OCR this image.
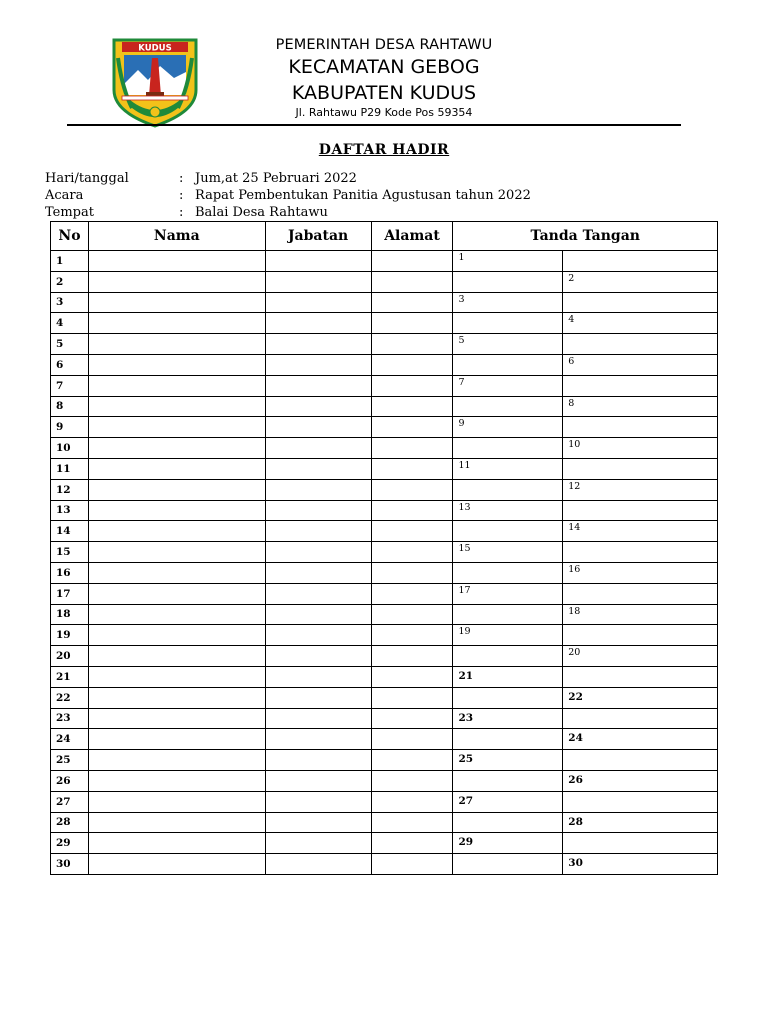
KUDUS	PEMERINTAH DESA RAHTAWU
KECAMATAN GEBOG
KABUPATEN KUDUS
Jl. Rahtawu P29 Kode Pos 59354
DAFTAR HADIR
Hari/tanggal	: Jum,at 25 Pebruari 2022
Acara	: Rapat Pembentukan Panitia Agustusan tahun 2022
Tempat	: Balai Desa Rahtawu
No	Nama	Jabatan	Alamat	Tanda Tangan	
1				1	
2					2
3				3	
4					4
5				5	
6					6
7				7	
8					8
9				9	
10					10
11				11	
12					12
13				13	
14					14
15				15	
16					16
17				17	
18					18
19				19	
20					20
21				21	
22					22
23				23	
24					24
25				25	
26					26
27				27	
28					28
29				29	
30					30
